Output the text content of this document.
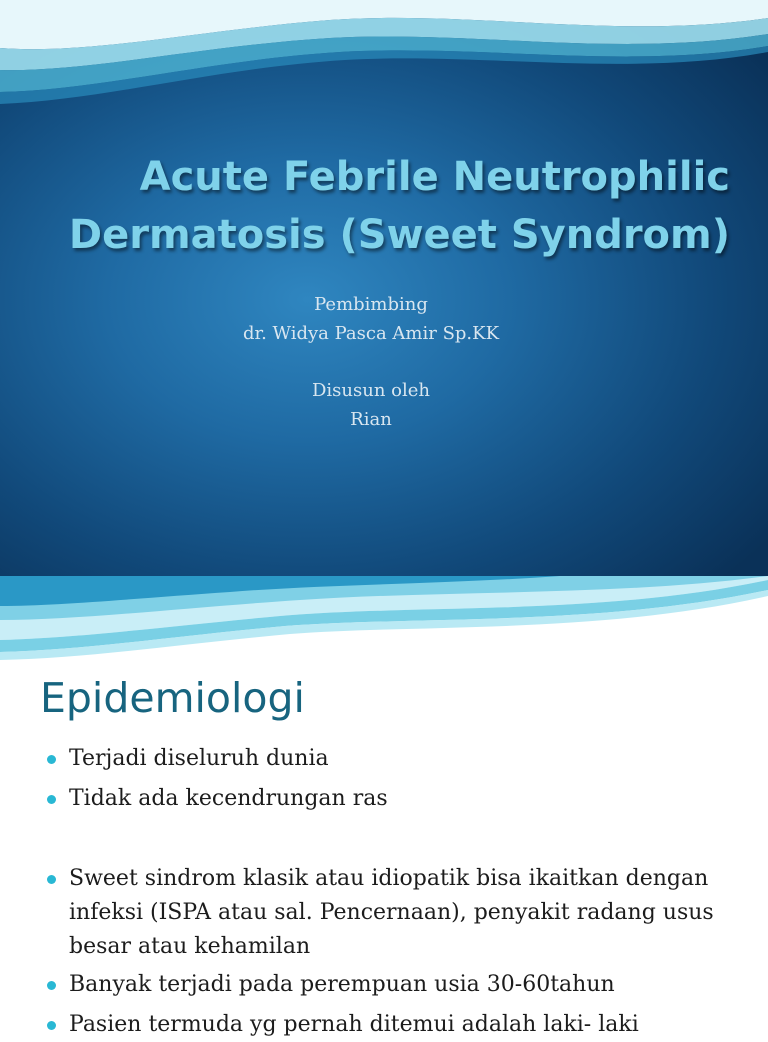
Acute Febrile Neutrophilic
Dermatosis (Sweet Syndrom)
Pembimbing
dr. Widya Pasca Amir Sp.KK
Disusun oleh
Rian
Epidemiologi
Terjadi diseluruh dunia
Tidak ada kecendrungan ras
Sweet sindrom klasik atau idiopatik bisa ikaitkan dengan infeksi (ISPA atau sal. Pencernaan), penyakit radang usus besar atau kehamilan
Banyak terjadi pada perempuan usia 30-60tahun
Pasien termuda yg pernah ditemui adalah laki- laki
